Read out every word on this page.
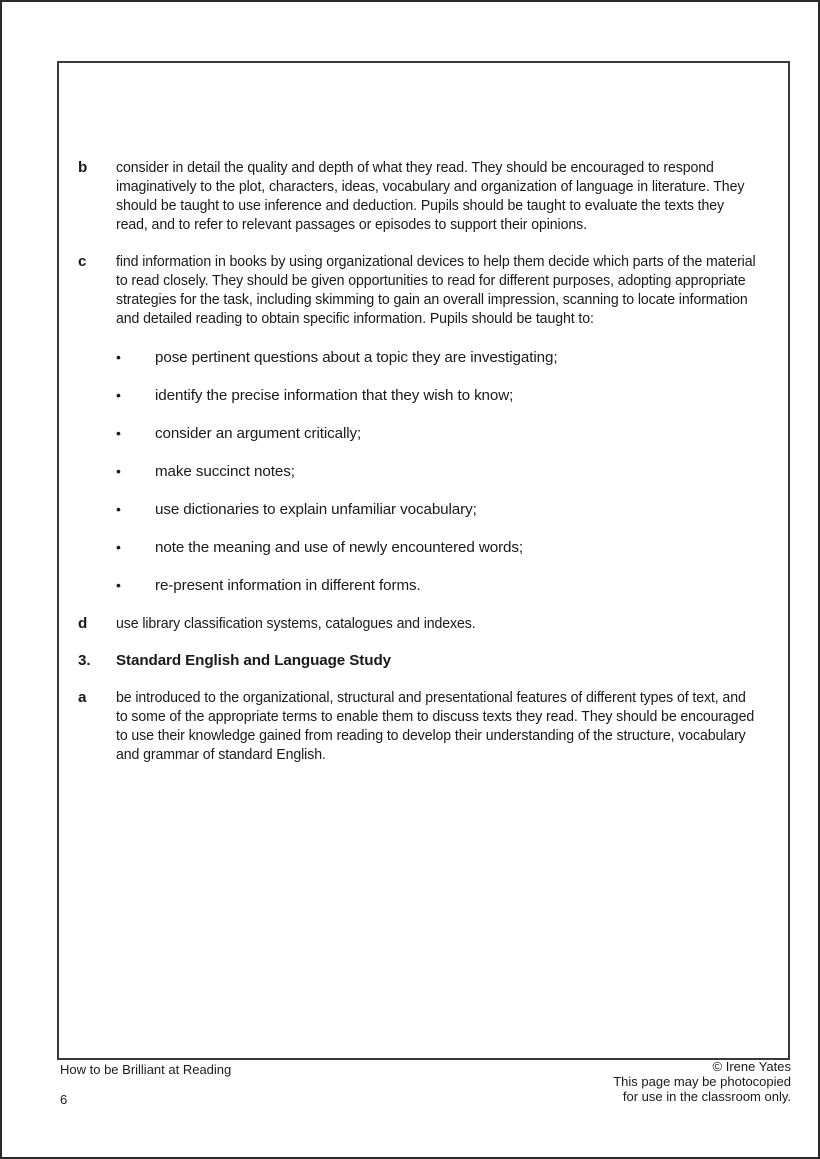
b consider in detail the quality and depth of what they read. They should be encouraged to respond imaginatively to the plot, characters, ideas, vocabulary and organization of language in literature. They should be taught to use inference and deduction. Pupils should be taught to evaluate the texts they read, and to refer to relevant passages or episodes to support their opinions.
c find information in books by using organizational devices to help them decide which parts of the material to read closely. They should be given opportunities to read for different purposes, adopting appropriate strategies for the task, including skimming to gain an overall impression, scanning to locate information and detailed reading to obtain specific information. Pupils should be taught to:
• pose pertinent questions about a topic they are investigating;
• identify the precise information that they wish to know;
• consider an argument critically;
• make succinct notes;
• use dictionaries to explain unfamiliar vocabulary;
• note the meaning and use of newly encountered words;
• re-present information in different forms.
d use library classification systems, catalogues and indexes.
3. Standard English and Language Study
a be introduced to the organizational, structural and presentational features of different types of text, and to some of the appropriate terms to enable them to discuss texts they read. They should be encouraged to use their knowledge gained from reading to develop their understanding of the structure, vocabulary and grammar of standard English.
How to be Brilliant at Reading
6
© Irene Yates
This page may be photocopied
for use in the classroom only.
